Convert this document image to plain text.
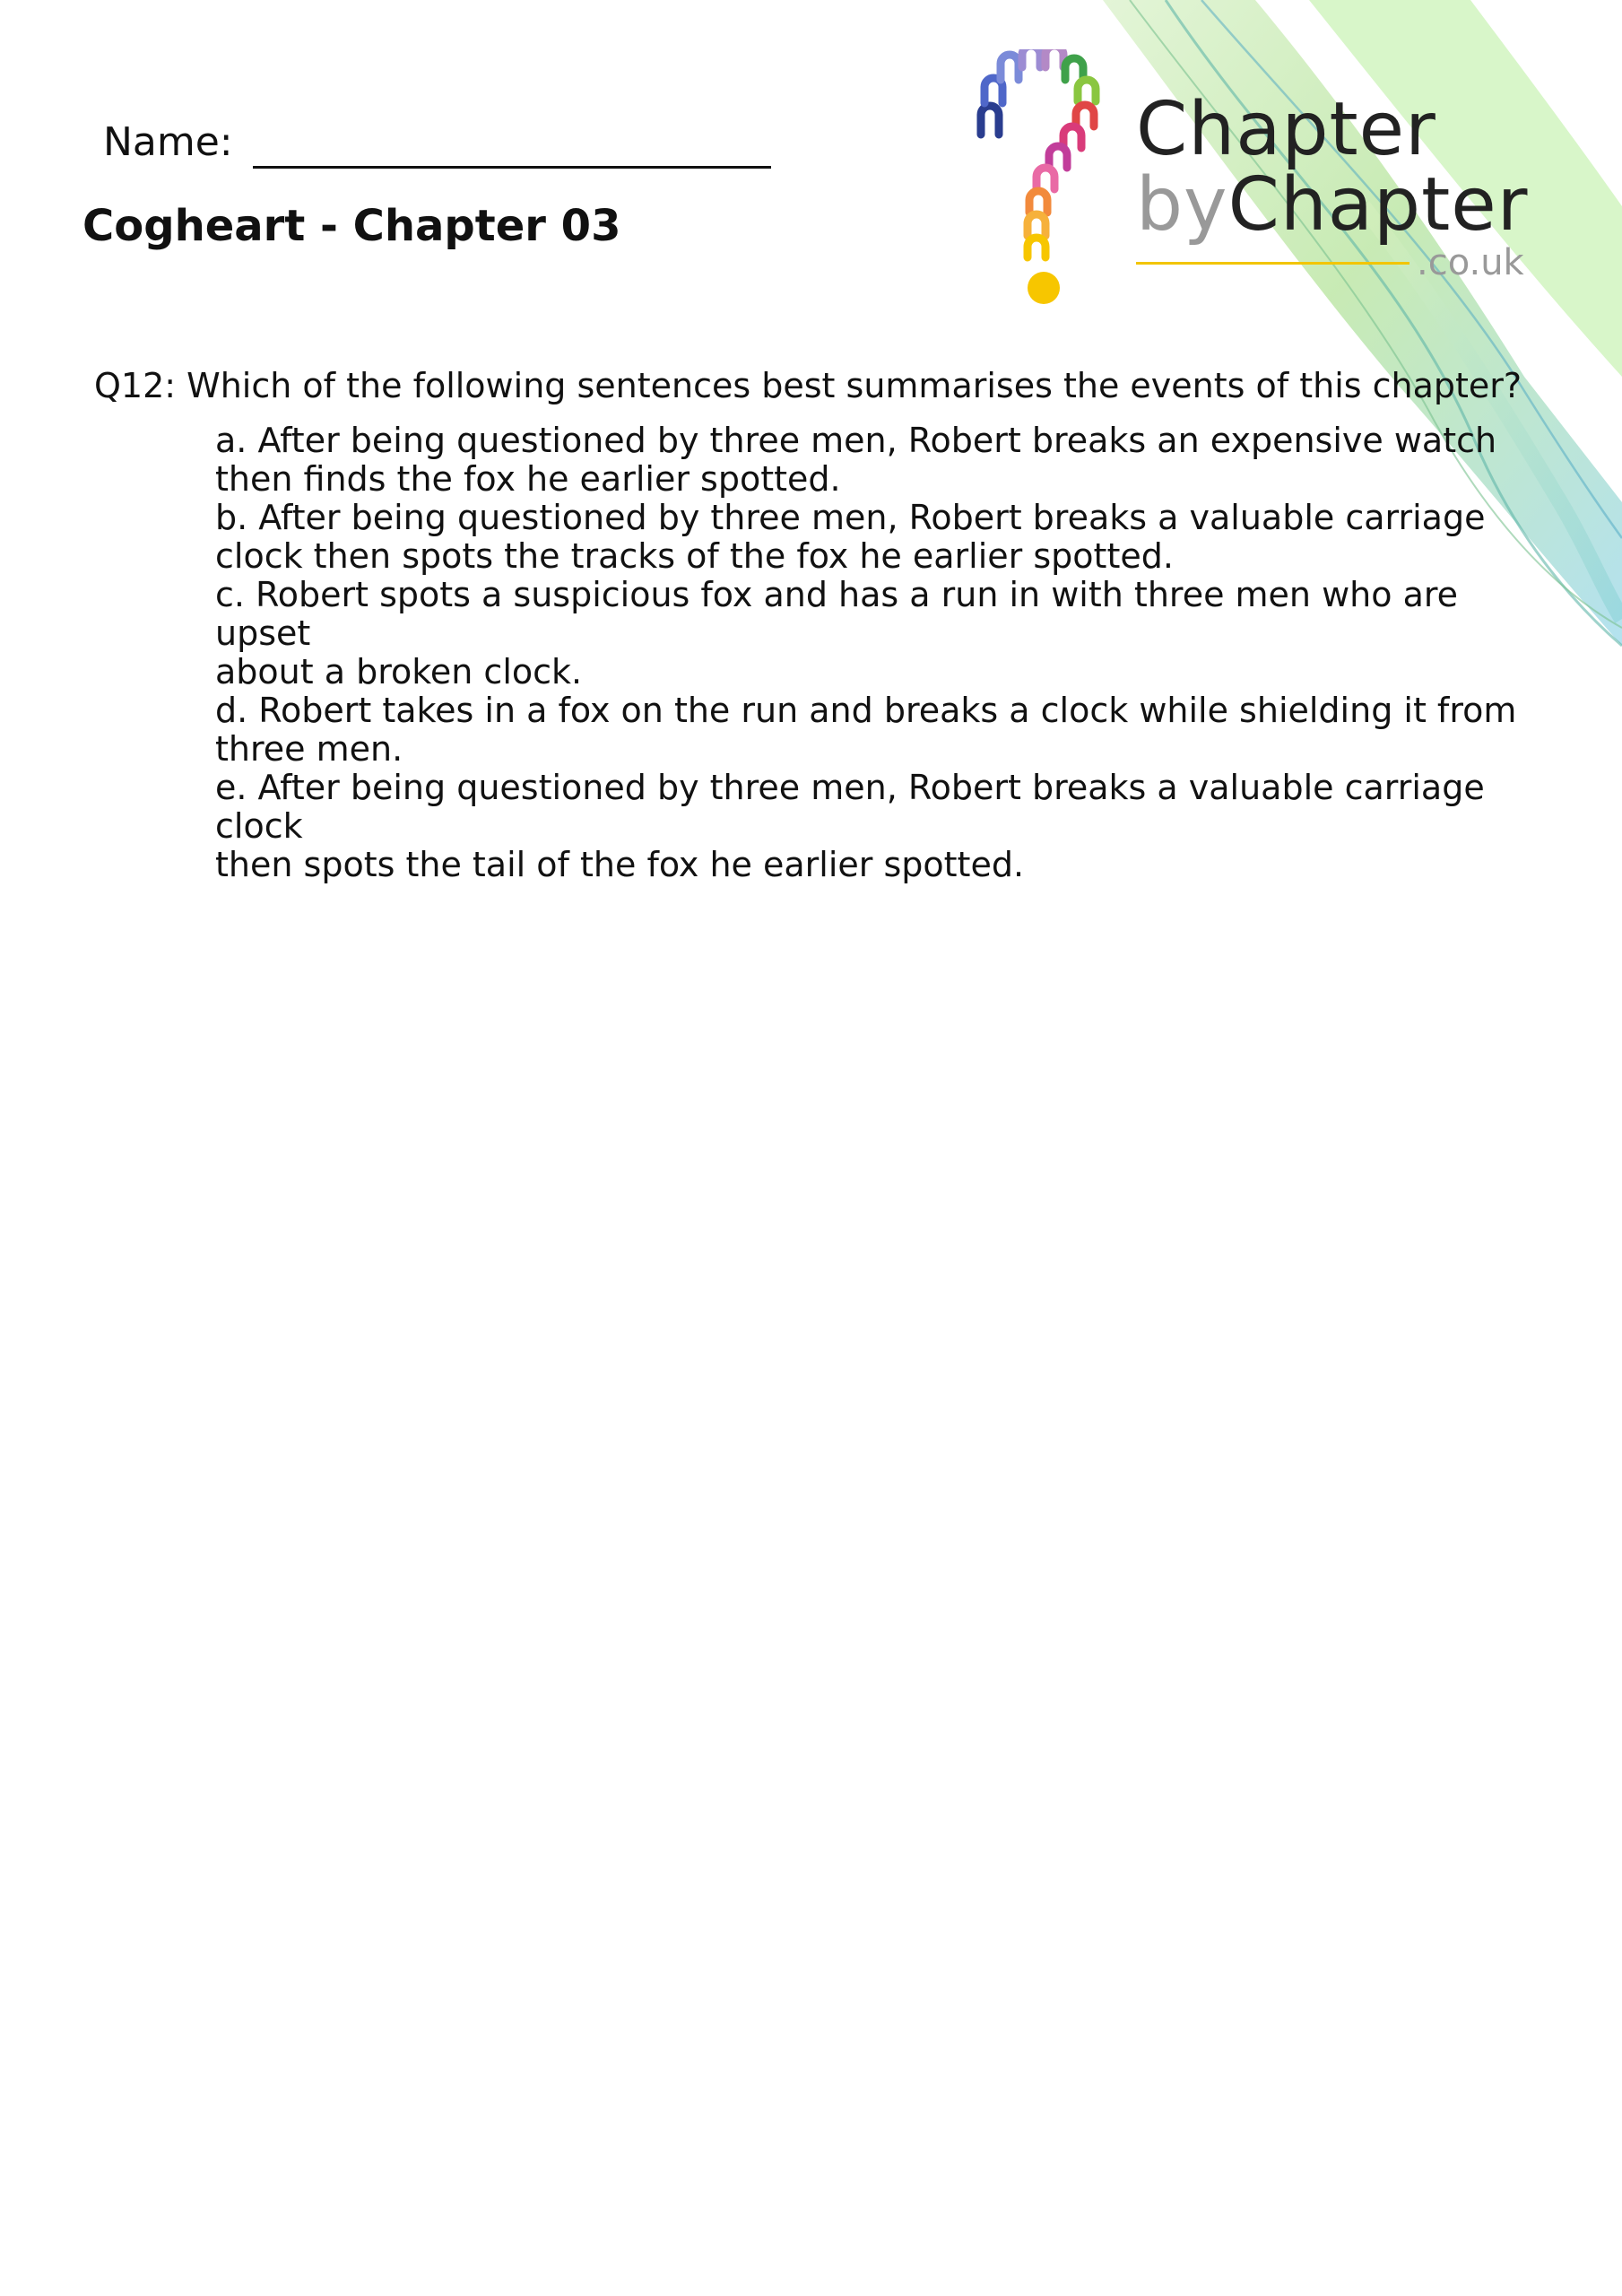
Name:
Cogheart - Chapter 03
Chapter
byChapter
.co.uk
Q12: Which of the following sentences best summarises the events of this chapter?

a. After being questioned by three men, Robert breaks an expensive watch
then finds the fox he earlier spotted.

b. After being questioned by three men, Robert breaks a valuable carriage
clock then spots the tracks of the fox he earlier spotted.

c. Robert spots a suspicious fox and has a run in with three men who are upset
about a broken clock.

d. Robert takes in a fox on the run and breaks a clock while shielding it from
three men.

e. After being questioned by three men, Robert breaks a valuable carriage clock
then spots the tail of the fox he earlier spotted.
